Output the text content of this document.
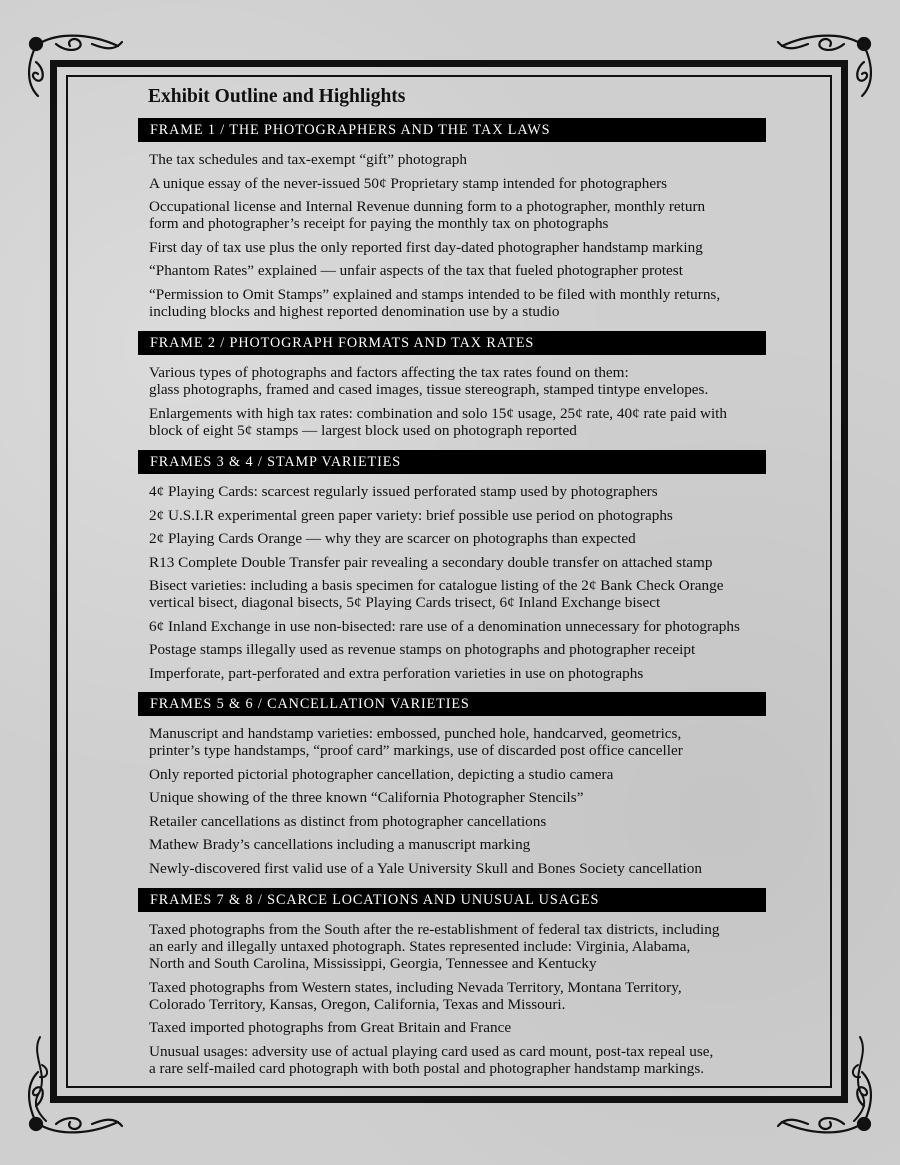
Exhibit Outline and Highlights
FRAME 1 / THE PHOTOGRAPHERS AND THE TAX LAWS
The tax schedules and tax-exempt “gift” photograph
A unique essay of the never-issued 50¢ Proprietary stamp intended for photographers
Occupational license and Internal Revenue dunning form to a photographer, monthly return
form and photographer’s receipt for paying the monthly tax on photographs
First day of tax use plus the only reported first day-dated photographer handstamp marking
“Phantom Rates” explained — unfair aspects of the tax that fueled photographer protest
“Permission to Omit Stamps” explained and stamps intended to be filed with monthly returns,
including blocks and highest reported denomination use by a studio
FRAME 2 / PHOTOGRAPH FORMATS AND TAX RATES
Various types of photographs and factors affecting the tax rates found on them:
glass photographs, framed and cased images, tissue stereograph, stamped tintype envelopes.
Enlargements with high tax rates: combination and solo 15¢ usage, 25¢ rate, 40¢ rate paid with
block of eight 5¢ stamps — largest block used on photograph reported
FRAMES 3 & 4 / STAMP VARIETIES
4¢ Playing Cards: scarcest regularly issued perforated stamp used by photographers
2¢ U.S.I.R experimental green paper variety: brief possible use period on photographs
2¢ Playing Cards Orange — why they are scarcer on photographs than expected
R13 Complete Double Transfer pair revealing a secondary double transfer on attached stamp
Bisect varieties: including a basis specimen for catalogue listing of the 2¢ Bank Check Orange
vertical bisect, diagonal bisects, 5¢ Playing Cards trisect, 6¢ Inland Exchange bisect
6¢ Inland Exchange in use non-bisected: rare use of a denomination unnecessary for photographs
Postage stamps illegally used as revenue stamps on photographs and photographer receipt
Imperforate, part-perforated and extra perforation varieties in use on photographs
FRAMES 5 & 6 / CANCELLATION VARIETIES
Manuscript and handstamp varieties: embossed, punched hole, handcarved, geometrics,
printer’s type handstamps, “proof card” markings, use of discarded post office canceller
Only reported pictorial photographer cancellation, depicting a studio camera
Unique showing of the three known “California Photographer Stencils”
Retailer cancellations as distinct from photographer cancellations
Mathew Brady’s cancellations including a manuscript marking
Newly-discovered first valid use of a Yale University Skull and Bones Society cancellation
FRAMES 7 & 8 / SCARCE LOCATIONS AND UNUSUAL USAGES
Taxed photographs from the South after the re-establishment of federal tax districts, including
an early and illegally untaxed photograph. States represented include: Virginia, Alabama,
North and South Carolina, Mississippi, Georgia, Tennessee and Kentucky
Taxed photographs from Western states, including Nevada Territory, Montana Territory,
Colorado Territory, Kansas, Oregon, California, Texas and Missouri.
Taxed imported photographs from Great Britain and France
Unusual usages: adversity use of actual playing card used as card mount, post-tax repeal use,
a rare self-mailed card photograph with both postal and photographer handstamp markings.
